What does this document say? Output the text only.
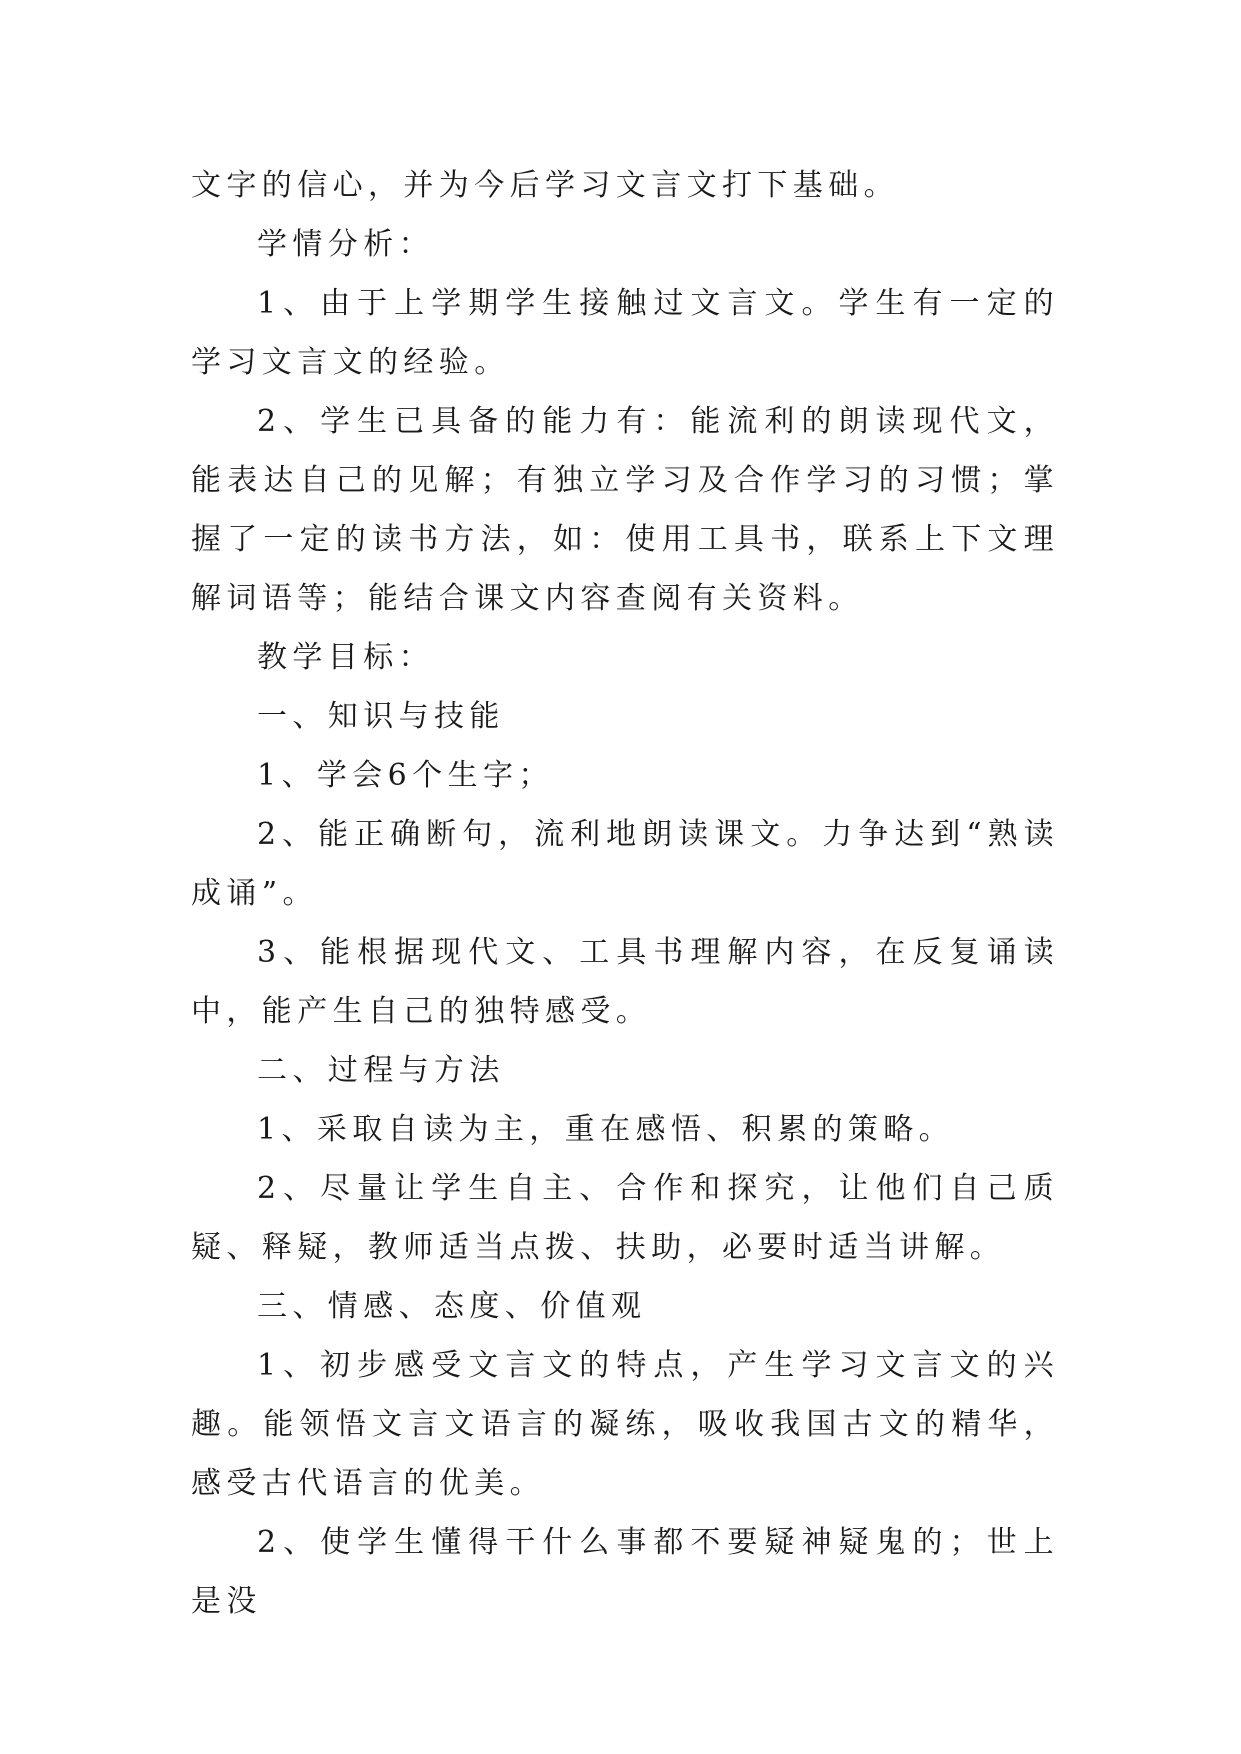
文字的信心，并为今后学习文言文打下基础。

学情分析：

1、由于上学期学生接触过文言文。学生有一定的学习文言文的经验。

2、学生已具备的能力有：能流利的朗读现代文，能表达自己的见解；有独立学习及合作学习的习惯；掌握了一定的读书方法，如：使用工具书，联系上下文理解词语等；能结合课文内容查阅有关资料。

教学目标：

一、知识与技能

1、学会6个生字；

2、能正确断句，流利地朗读课文。力争达到“熟读成诵”。

3、能根据现代文、工具书理解内容，在反复诵读中，能产生自己的独特感受。

二、过程与方法

1、采取自读为主，重在感悟、积累的策略。

2、尽量让学生自主、合作和探究，让他们自己质疑、释疑，教师适当点拨、扶助，必要时适当讲解。

三、情感、态度、价值观

1、初步感受文言文的特点，产生学习文言文的兴趣。能领悟文言文语言的凝练，吸收我国古文的精华，感受古代语言的优美。

2、使学生懂得干什么事都不要疑神疑鬼的；世上是没
